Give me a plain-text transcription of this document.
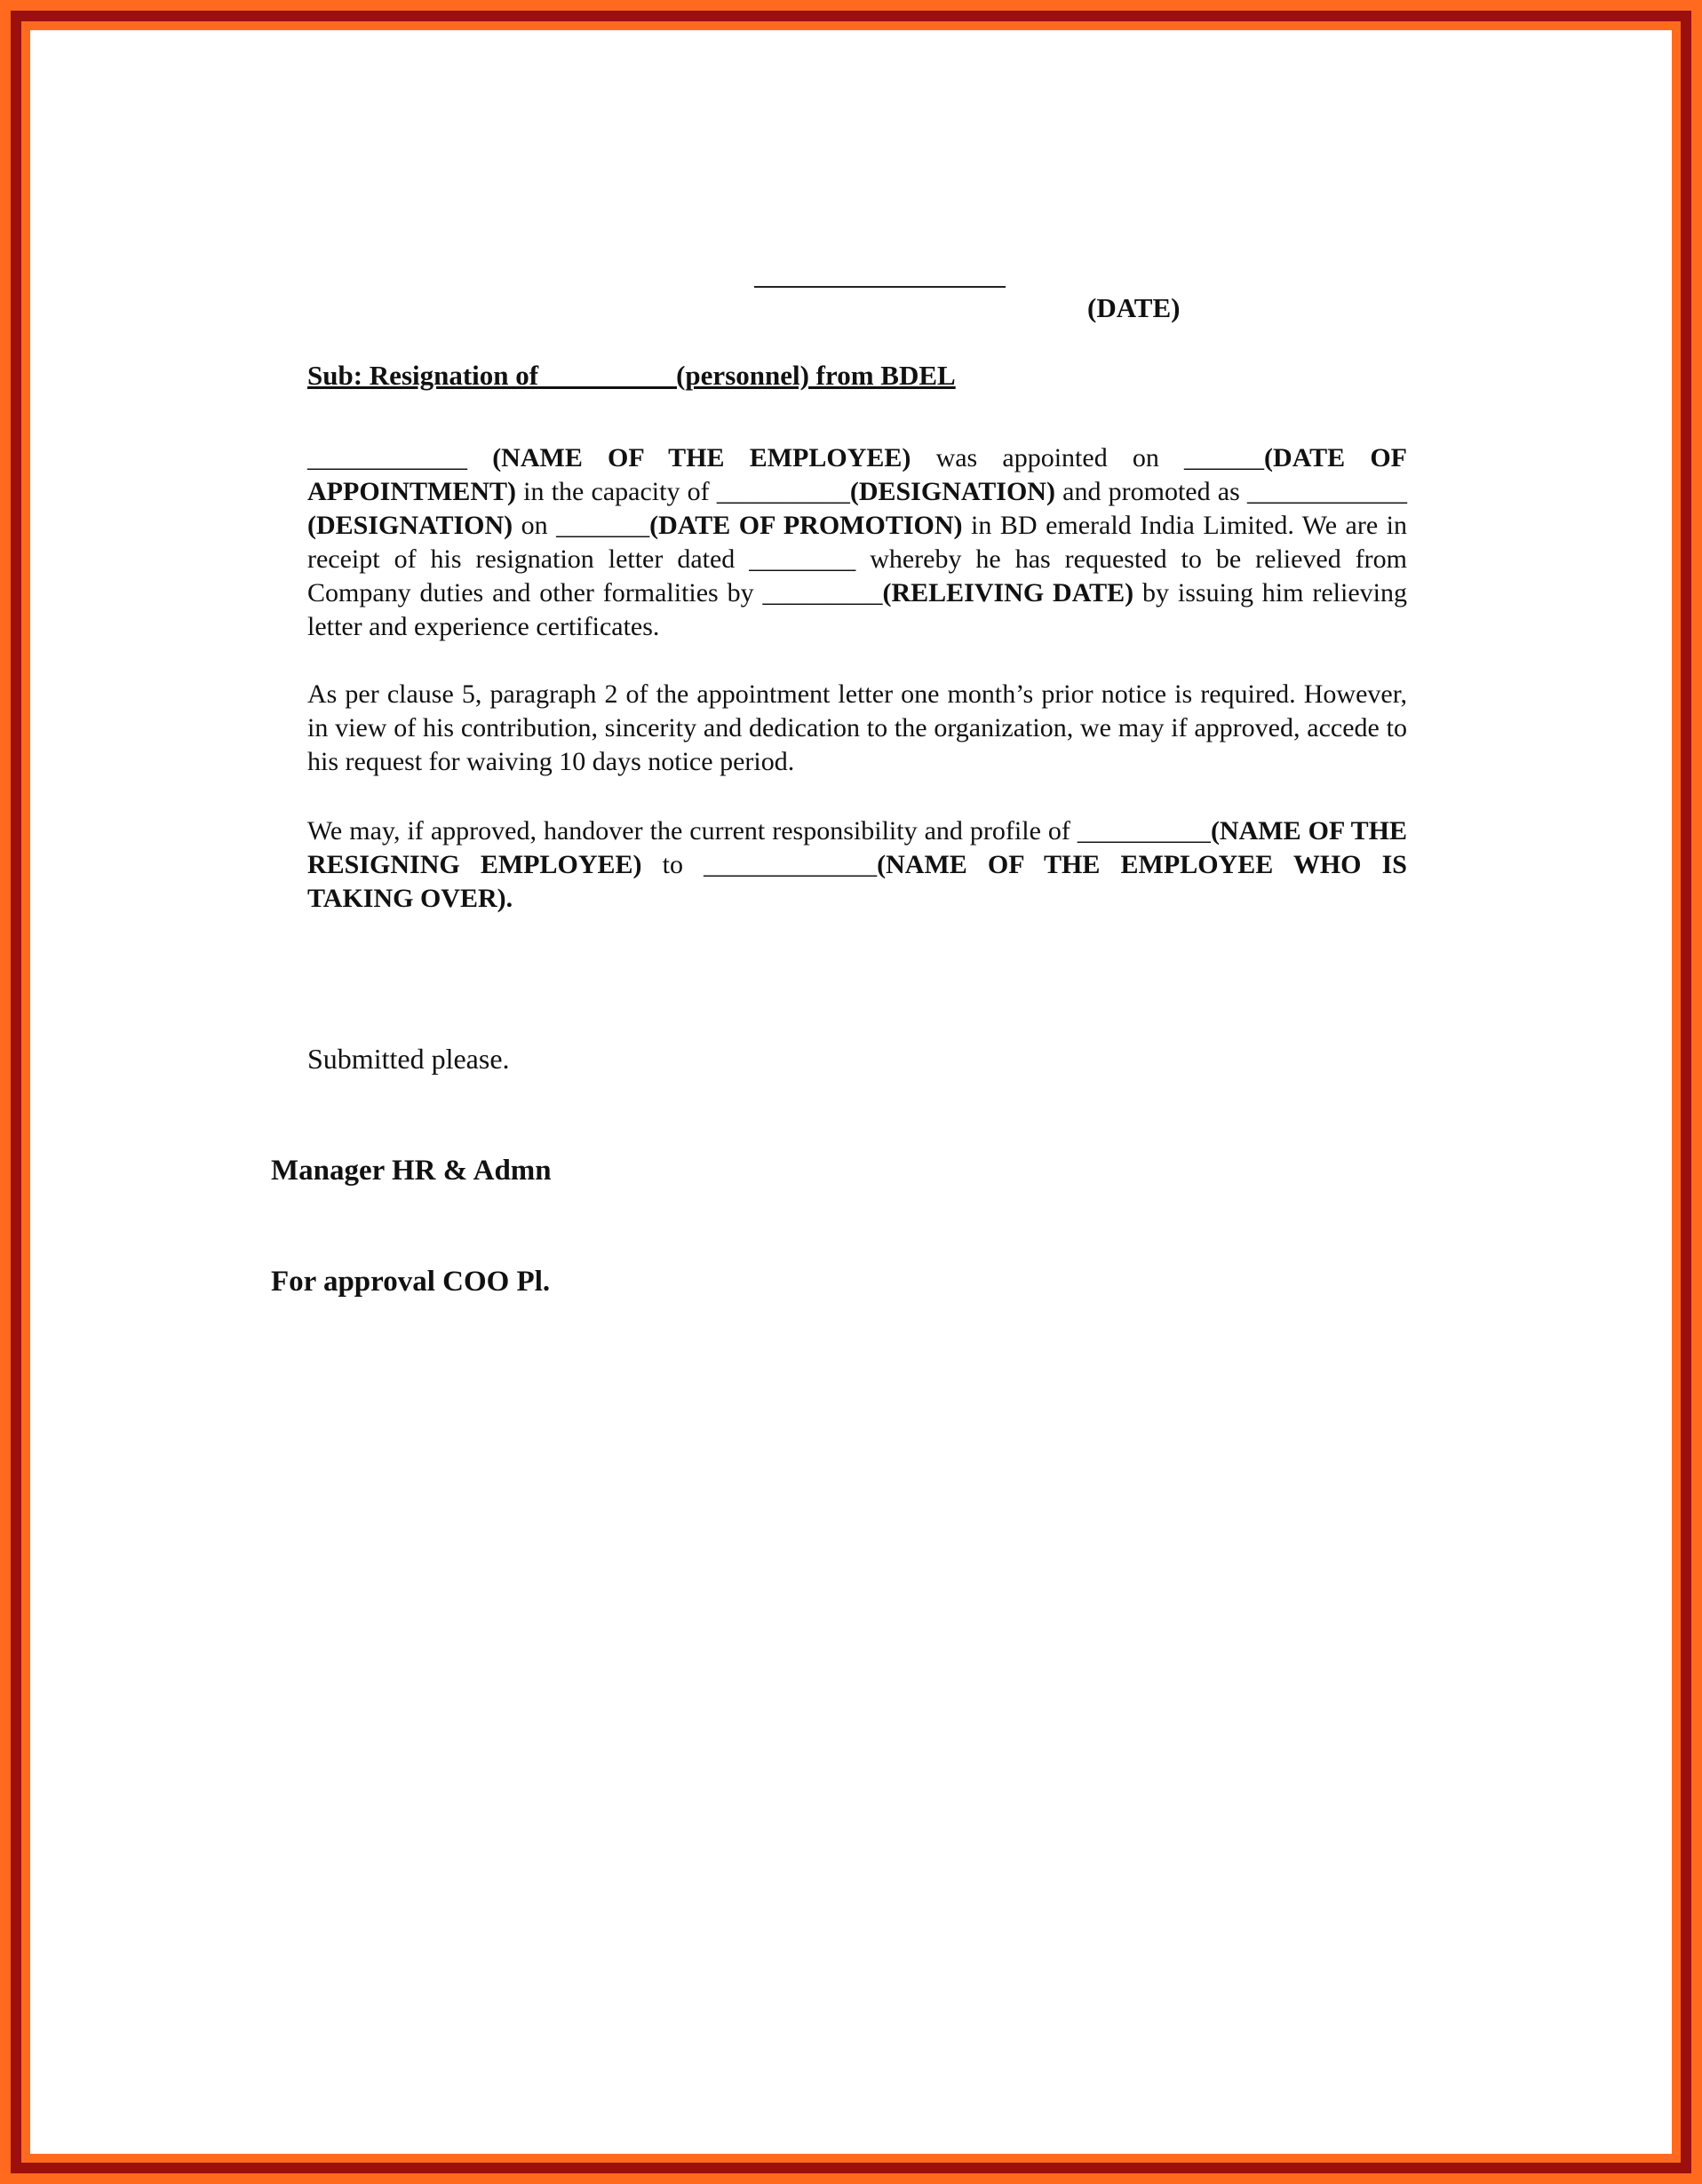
(DATE)
Sub: Resignation of__________(personnel) from BDEL

____________ (NAME OF THE EMPLOYEE) was appointed on ______(DATE OF APPOINTMENT) in the capacity of __________(DESIGNATION) and promoted as ____________ (DESIGNATION) on _______(DATE OF PROMOTION) in BD emerald India Limited. We are in receipt of his resignation letter dated ________ whereby he has requested to be relieved from Company duties and other formalities by _________(RELEIVING DATE) by issuing him relieving letter and experience certificates.

As per clause 5, paragraph 2 of the appointment letter one month’s prior notice is required. However, in view of his contribution, sincerity and dedication to the organization, we may if approved, accede to his request for waiving 10 days notice period.

We may, if approved, handover the current responsibility and profile of __________(NAME OF THE RESIGNING EMPLOYEE) to _____________(NAME OF THE EMPLOYEE WHO IS TAKING OVER).

Submitted please.
Manager HR & Admn
For approval COO Pl.
